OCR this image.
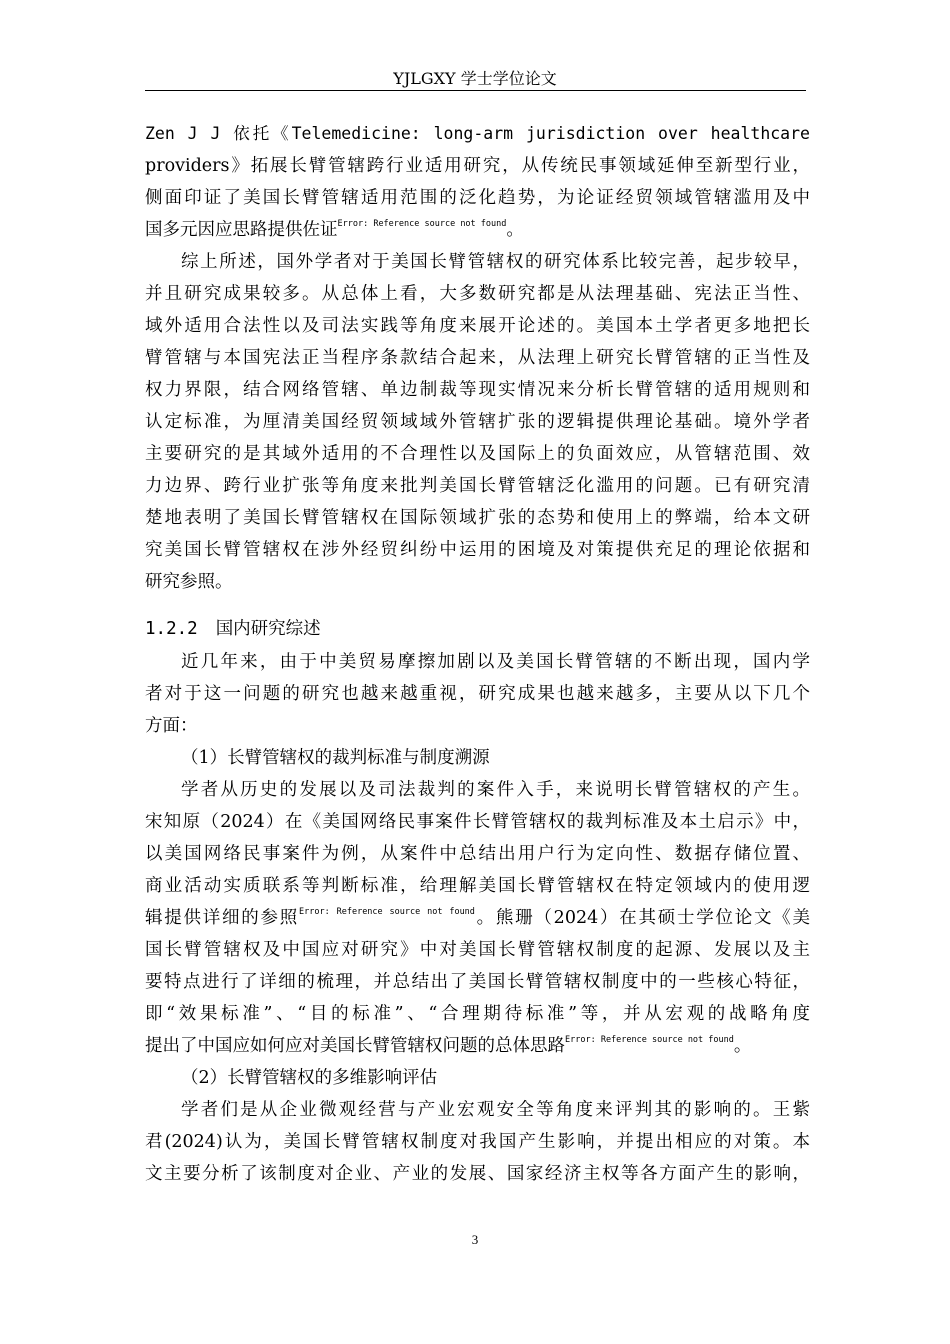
YJLGXY 学士学位论文
Zen J J 依托《Telemedicine: long-arm jurisdiction over healthcare
providers》拓展长臂管辖跨行业适用研究，从传统民事领域延伸至新型行业，
侧面印证了美国长臂管辖适用范围的泛化趋势，为论证经贸领域管辖滥用及中
国多元因应思路提供佐证$^{Error: Reference source not found}$。
综上所述，国外学者对于美国长臂管辖权的研究体系比较完善，起步较早，
并且研究成果较多。从总体上看，大多数研究都是从法理基础、宪法正当性、
域外适用合法性以及司法实践等角度来展开论述的。美国本土学者更多地把长
臂管辖与本国宪法正当程序条款结合起来，从法理上研究长臂管辖的正当性及
权力界限，结合网络管辖、单边制裁等现实情况来分析长臂管辖的适用规则和
认定标准，为厘清美国经贸领域域外管辖扩张的逻辑提供理论基础。境外学者
主要研究的是其域外适用的不合理性以及国际上的负面效应，从管辖范围、效
力边界、跨行业扩张等角度来批判美国长臂管辖泛化滥用的问题。已有研究清
楚地表明了美国长臂管辖权在国际领域扩张的态势和使用上的弊端，给本文研
究美国长臂管辖权在涉外经贸纠纷中运用的困境及对策提供充足的理论依据和
研究参照。
1.2.2 国内研究综述
近几年来，由于中美贸易摩擦加剧以及美国长臂管辖的不断出现，国内学
者对于这一问题的研究也越来越重视，研究成果也越来越多，主要从以下几个
方面：
（1）长臂管辖权的裁判标准与制度溯源
学者从历史的发展以及司法裁判的案件入手，来说明长臂管辖权的产生。
宋知原（2024）在《美国网络民事案件长臂管辖权的裁判标准及本土启示》中，
以美国网络民事案件为例，从案件中总结出用户行为定向性、数据存储位置、
商业活动实质联系等判断标准，给理解美国长臂管辖权在特定领域内的使用逻
辑提供详细的参照$^{Error: Reference source not found}$。熊珊（2024）在其硕士学位论文《美
国长臂管辖权及中国应对研究》中对美国长臂管辖权制度的起源、发展以及主
要特点进行了详细的梳理，并总结出了美国长臂管辖权制度中的一些核心特征，
即“效果标准”、“目的标准”、“合理期待标准”等，并从宏观的战略角度
提出了中国应如何应对美国长臂管辖权问题的总体思路$^{Error: Reference source not found}$。
（2）长臂管辖权的多维影响评估
学者们是从企业微观经营与产业宏观安全等角度来评判其的影响的。王紫
君(2024)认为，美国长臂管辖权制度对我国产生影响，并提出相应的对策。本
文主要分析了该制度对企业、产业的发展、国家经济主权等各方面产生的影响，
3
